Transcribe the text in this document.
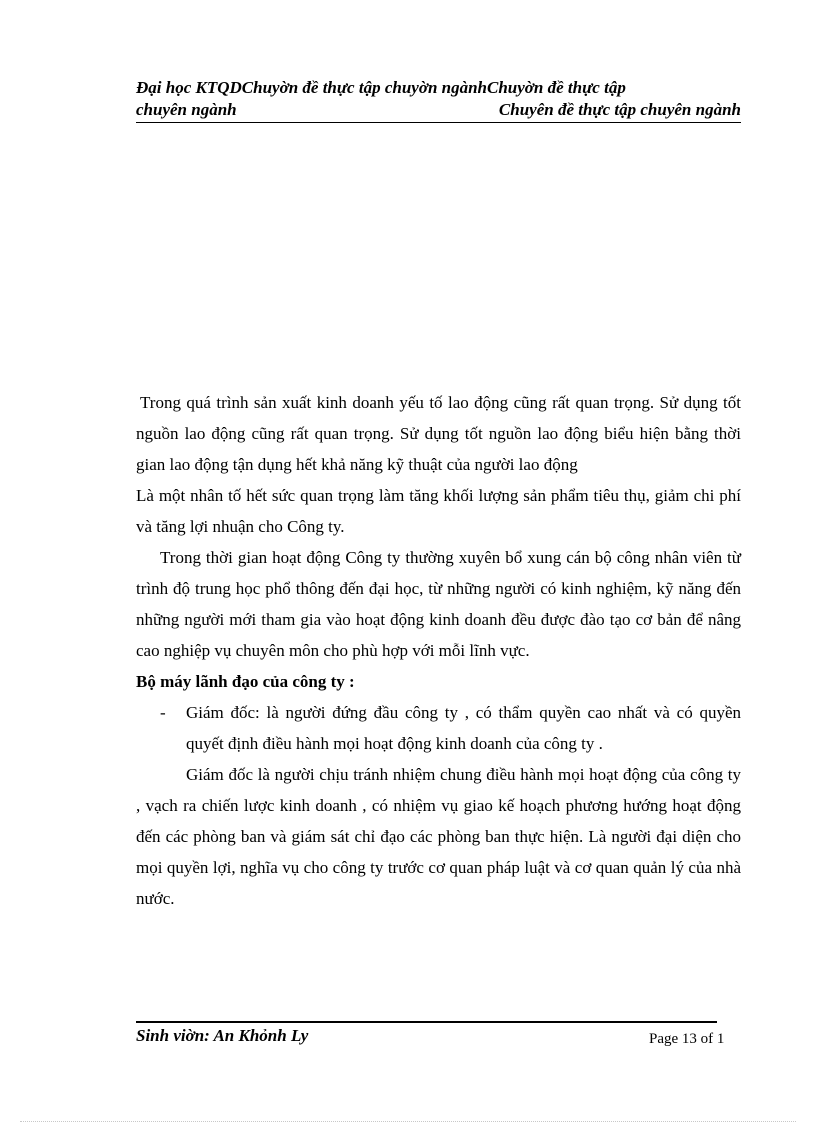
Đại học KTQDChuyờn đề thực tập chuyờn ngànhChuyờn đề thực tập
chuyên ngành	Chuyên đề thực tập chuyên ngành

Trong quá trình sản xuất kinh doanh yếu tố lao động cũng rất quan trọng. Sử dụng tốt nguồn lao động cũng rất quan trọng. Sử dụng tốt nguồn lao động biểu hiện bằng thời gian lao động tận dụng hết khả năng kỹ thuật của người lao động

Là một nhân tố hết sức quan trọng làm tăng khối lượng sản phẩm tiêu thụ, giảm chi phí và tăng lợi nhuận cho Công ty.

Trong thời gian hoạt động Công ty thường xuyên bổ xung cán bộ công nhân viên từ trình độ trung học phổ thông đến đại học, từ những người có kinh nghiệm, kỹ năng đến những người mới tham gia vào hoạt động kinh doanh đều được đào tạo cơ bản để nâng cao nghiệp vụ chuyên môn cho phù hợp với mỗi lĩnh vực.

Bộ máy lãnh đạo của công ty :

-	Giám đốc: là người đứng đầu công ty , có thẩm quyền cao nhất và có quyền quyết định điều hành mọi hoạt động kinh doanh của công ty .

Giám đốc là người chịu tránh nhiệm chung điều hành mọi hoạt động của công ty , vạch ra chiến lược kinh doanh , có nhiệm vụ giao kế hoạch phương hướng hoạt động đến các phòng ban và giám sát chỉ đạo các phòng ban thực hiện. Là người đại diện cho mọi quyền lợi, nghĩa vụ cho công ty trước cơ quan pháp luật và cơ quan quản lý của nhà nước.

Sinh viờn: An Khỏnh Ly	Page 13 of 1
